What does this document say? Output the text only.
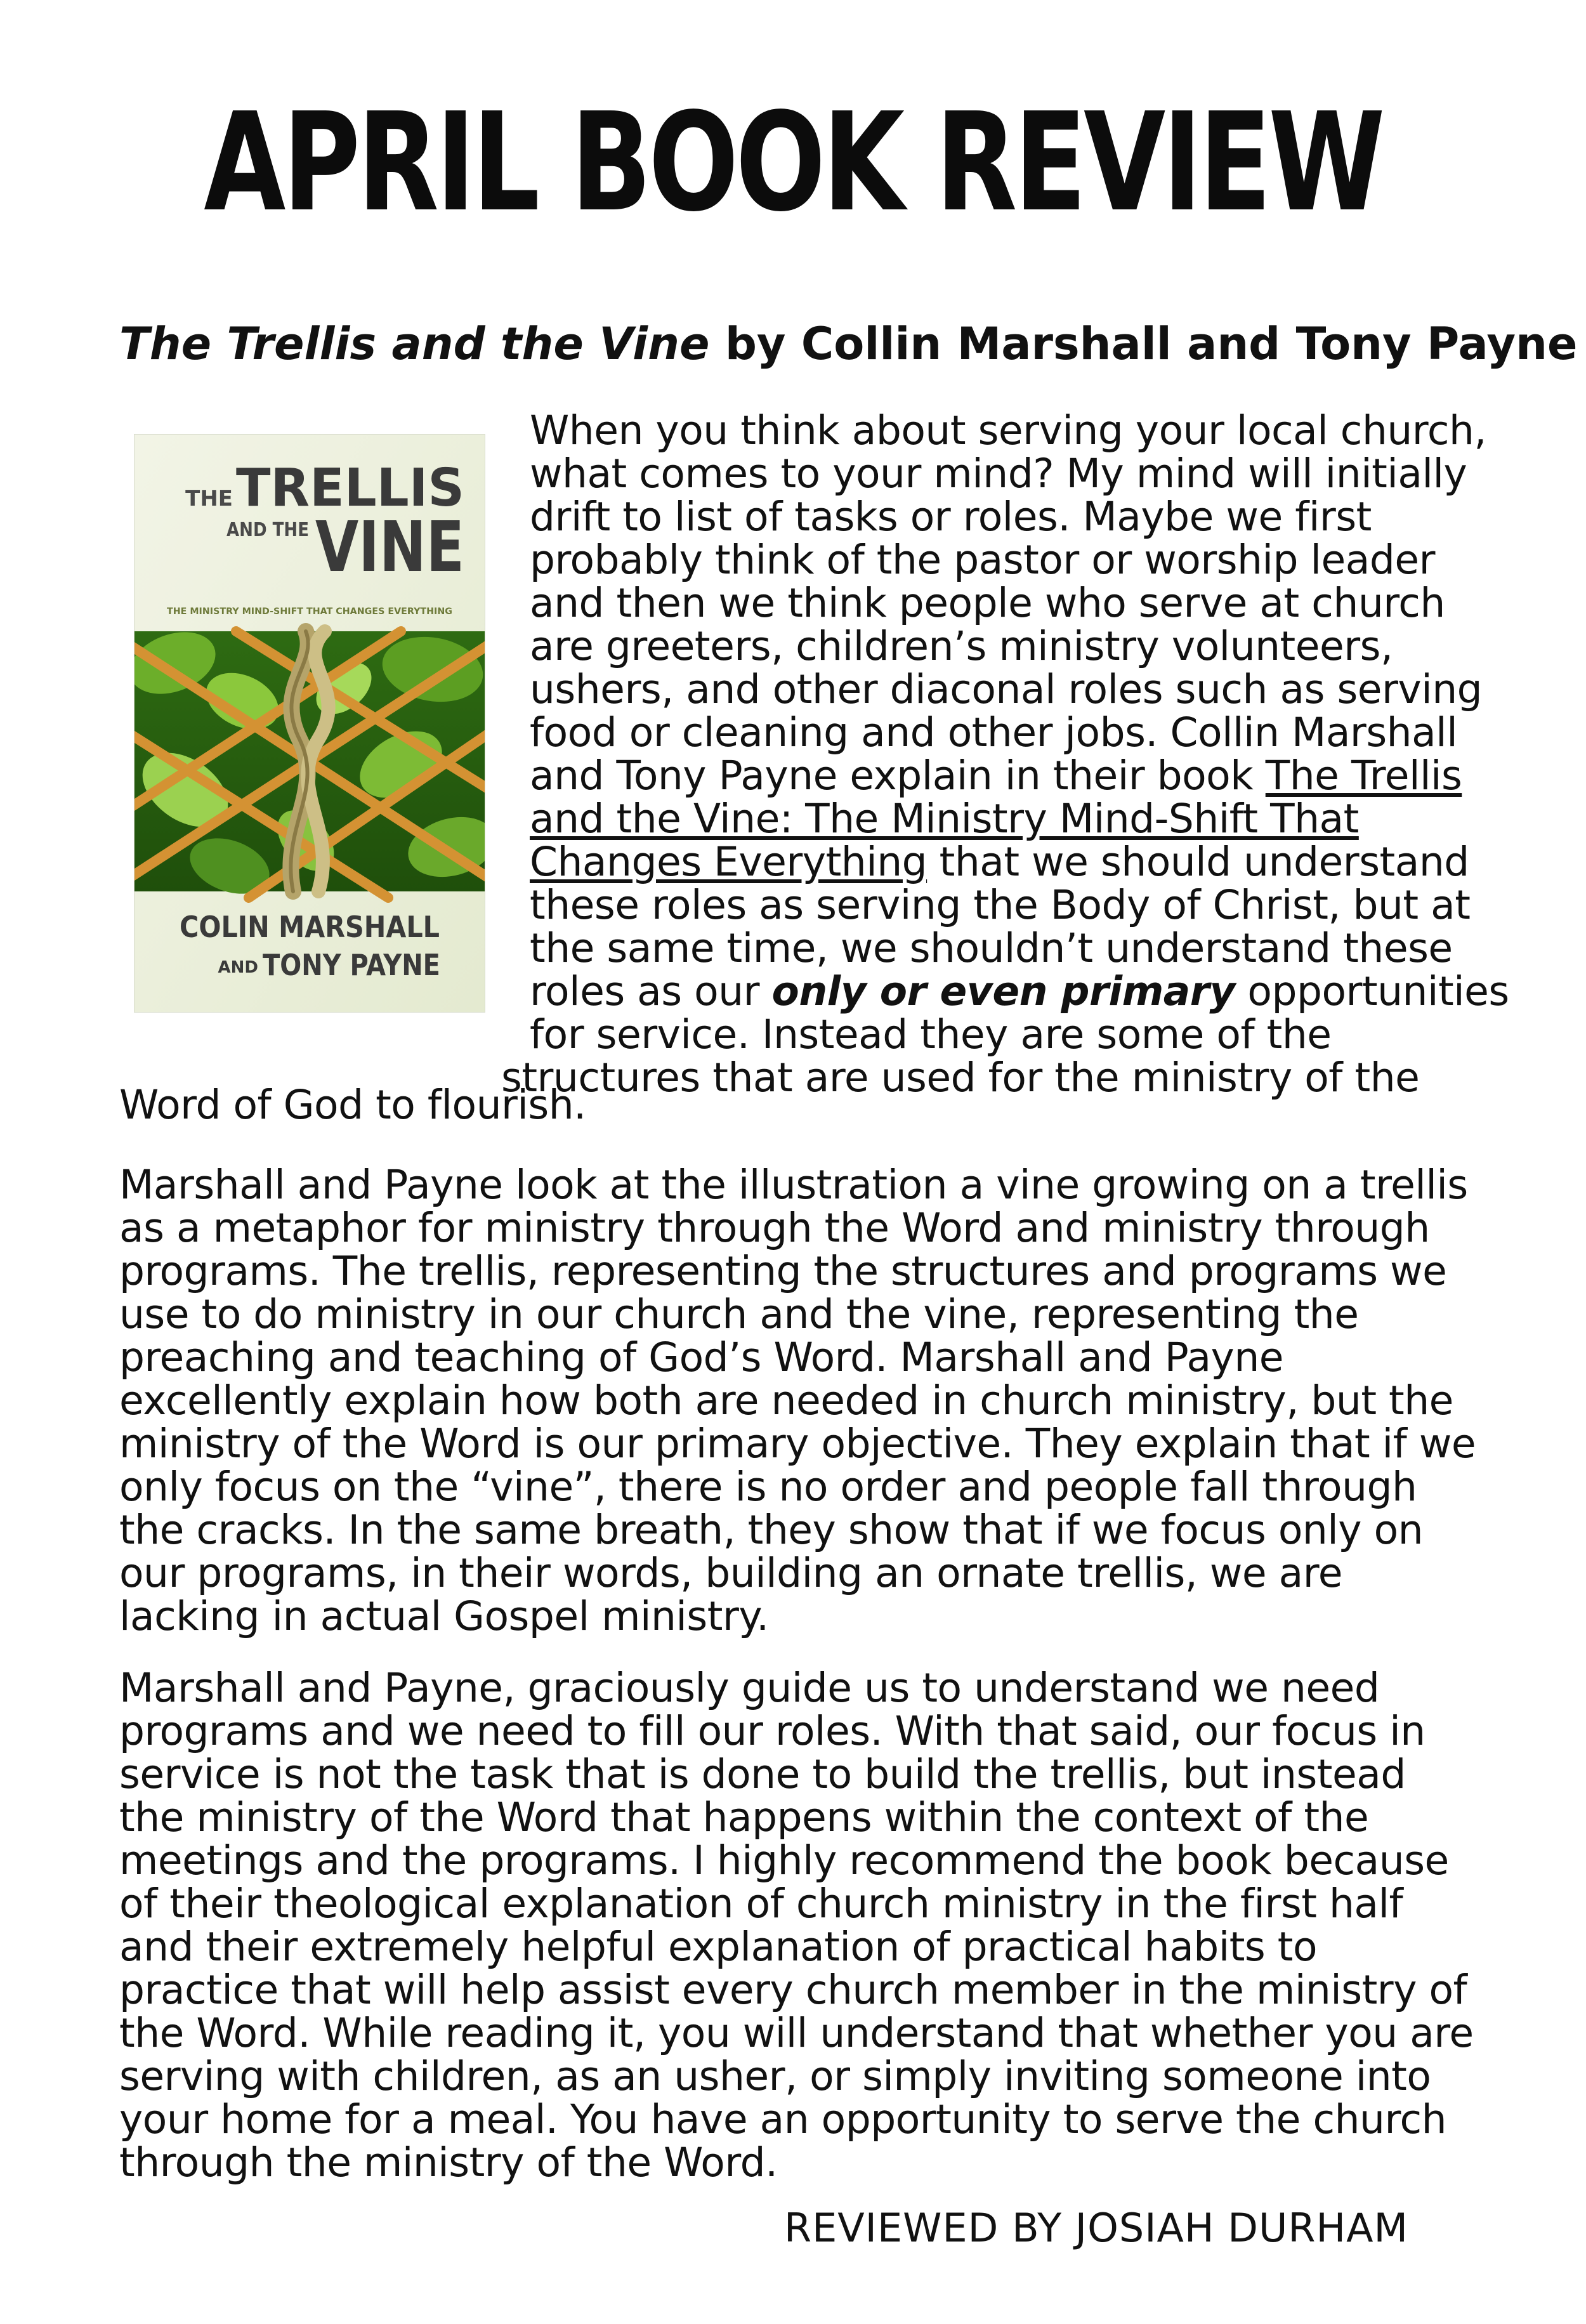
APRIL BOOK REVIEW

The Trellis and the Vine by Collin Marshall and Tony Payne

THE TRELLIS
AND THE VINE
THE MINISTRY MIND-SHIFT THAT CHANGES EVERYTHING
COLIN MARSHALL
AND TONY PAYNE
When you think about serving your local church,
what comes to your mind? My mind will initially
drift to list of tasks or roles. Maybe we first
probably think of the pastor or worship leader
and then we think people who serve at church
are greeters, children’s ministry volunteers,
ushers, and other diaconal roles such as serving
food or cleaning and other jobs. Collin Marshall
and Tony Payne explain in their book The Trellis
and the Vine: The Ministry Mind-Shift That
Changes Everything that we should understand
these roles as serving the Body of Christ, but at
the same time, we shouldn’t understand these
roles as our only or even primary opportunities
for service. Instead they are some of the
structures that are used for the ministry of the
Word of God to flourish.

Marshall and Payne look at the illustration a vine growing on a trellis as a metaphor for ministry through the Word and ministry through programs. The trellis, representing the structures and programs we use to do ministry in our church and the vine, representing the preaching and teaching of God’s Word. Marshall and Payne excellently explain how both are needed in church ministry, but the ministry of the Word is our primary objective. They explain that if we only focus on the “vine”, there is no order and people fall through the cracks. In the same breath, they show that if we focus only on our programs, in their words, building an ornate trellis, we are lacking in actual Gospel ministry.

Marshall and Payne, graciously guide us to understand we need programs and we need to fill our roles. With that said, our focus in service is not the task that is done to build the trellis, but instead the ministry of the Word that happens within the context of the meetings and the programs. I highly recommend the book because of their theological explanation of church ministry in the first half and their extremely helpful explanation of practical habits to practice that will help assist every church member in the ministry of the Word. While reading it, you will understand that whether you are serving with children, as an usher, or simply inviting someone into your home for a meal. You have an opportunity to serve the church through the ministry of the Word.

REVIEWED BY JOSIAH DURHAM
